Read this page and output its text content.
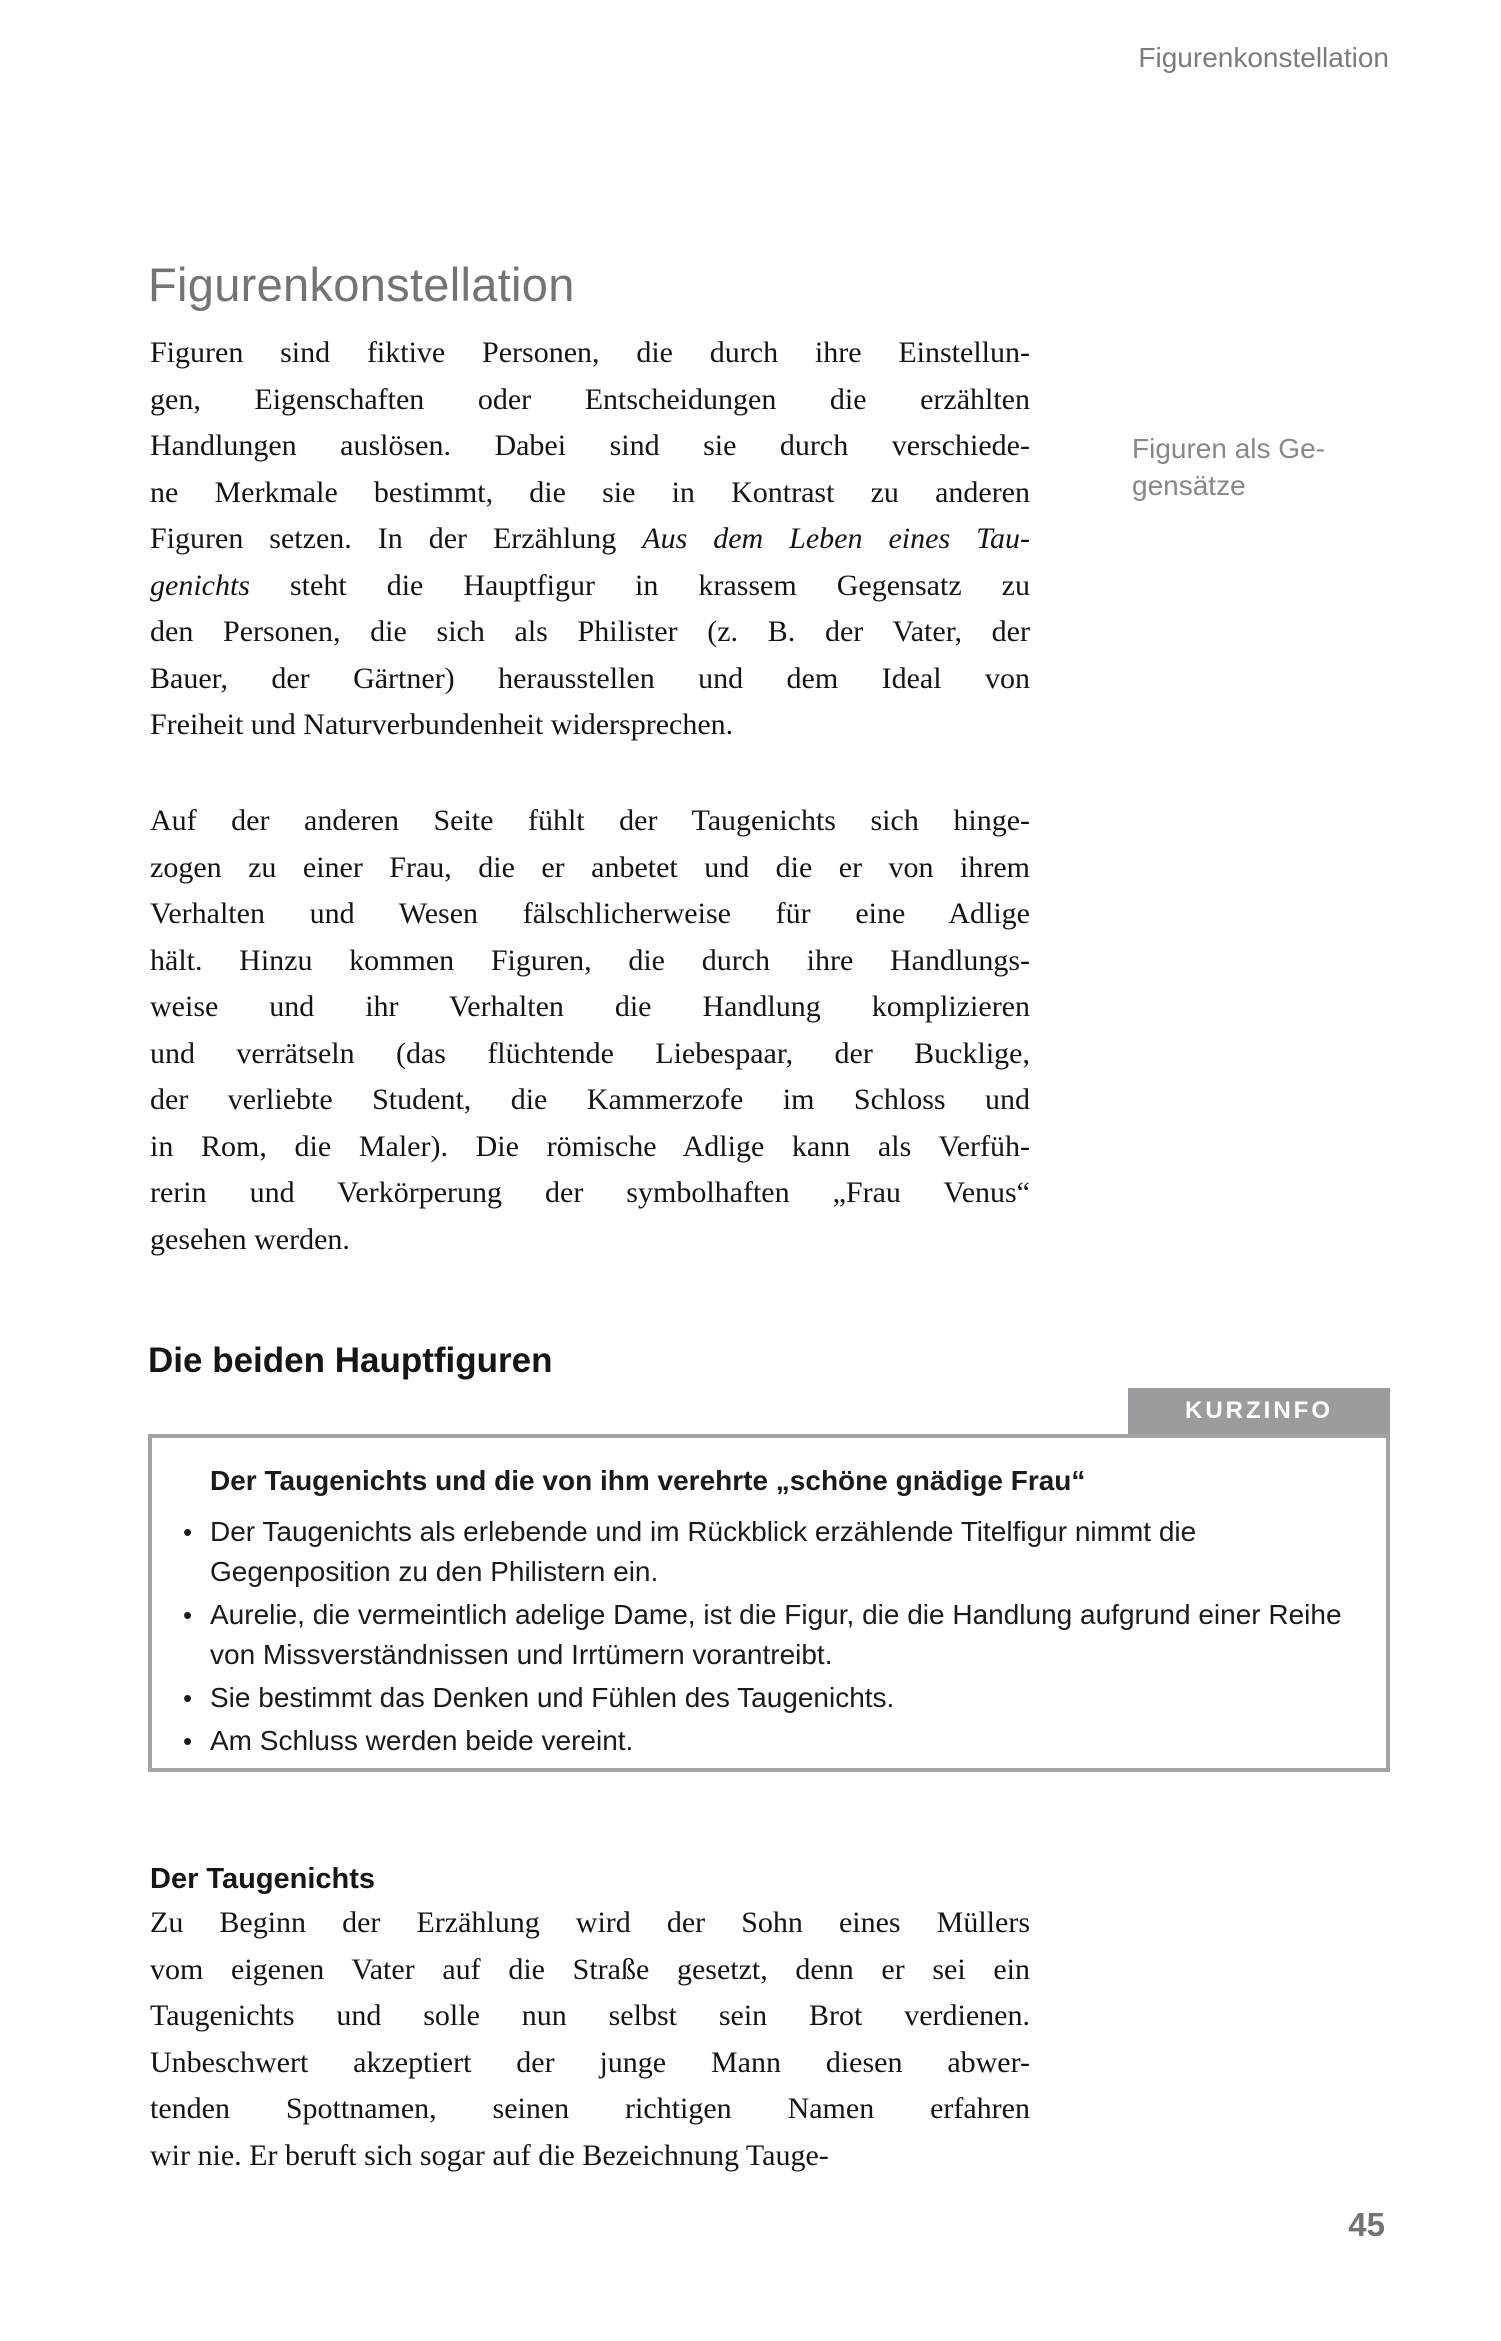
Figurenkonstellation
Figurenkonstellation
Figuren sind fiktive Personen, die durch ihre Einstellun-
gen, Eigenschaften oder Entscheidungen die erzählten
Handlungen auslösen. Dabei sind sie durch verschiede-
ne Merkmale bestimmt, die sie in Kontrast zu anderen
Figuren setzen. In der Erzählung Aus dem Leben eines Tau-
genichts steht die Hauptfigur in krassem Gegensatz zu
den Personen, die sich als Philister (z. B. der Vater, der
Bauer, der Gärtner) herausstellen und dem Ideal von
Freiheit und Naturverbundenheit widersprechen.
Figuren als Ge-
gensätze
Auf der anderen Seite fühlt der Taugenichts sich hinge-
zogen zu einer Frau, die er anbetet und die er von ihrem
Verhalten und Wesen fälschlicherweise für eine Adlige
hält. Hinzu kommen Figuren, die durch ihre Handlungs-
weise und ihr Verhalten die Handlung komplizieren
und verrätseln (das flüchtende Liebespaar, der Bucklige,
der verliebte Student, die Kammerzofe im Schloss und
in Rom, die Maler). Die römische Adlige kann als Verfüh-
rerin und Verkörperung der symbolhaften „Frau Venus“
gesehen werden.
Die beiden Hauptfiguren
KURZINFO

Der Taugenichts und die von ihm verehrte „schöne gnädige Frau“

• Der Taugenichts als erlebende und im Rückblick erzählende Titelfigur nimmt die Gegenposition zu den Philistern ein.
• Aurelie, die vermeintlich adelige Dame, ist die Figur, die die Handlung aufgrund einer Reihe von Missverständnissen und Irrtümern vorantreibt.
• Sie bestimmt das Denken und Fühlen des Taugenichts.
• Am Schluss werden beide vereint.
Der Taugenichts
Zu Beginn der Erzählung wird der Sohn eines Müllers
vom eigenen Vater auf die Straße gesetzt, denn er sei ein
Taugenichts und solle nun selbst sein Brot verdienen.
Unbeschwert akzeptiert der junge Mann diesen abwer-
tenden Spottnamen, seinen richtigen Namen erfahren
wir nie. Er beruft sich sogar auf die Bezeichnung Tauge-
45
